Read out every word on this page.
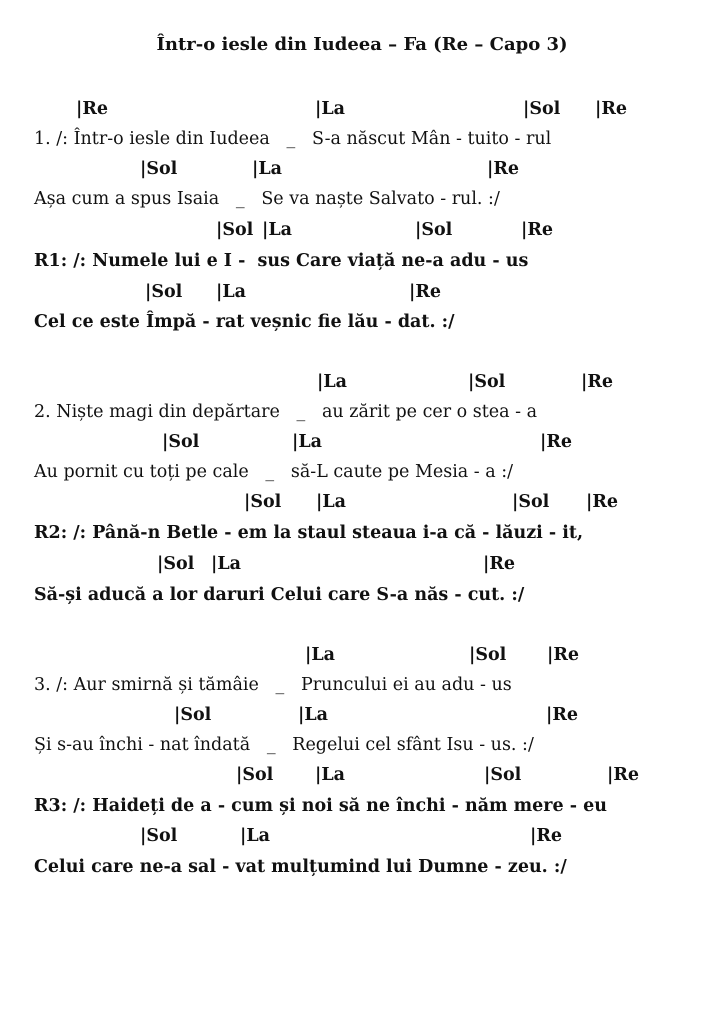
Într-o iesle din Iudeea – Fa (Re – Capo 3)
|Re	|La	|Sol |Re
1. /: Într-o iesle din Iudeea   _   S-a născut Mân - tuito - rul
|Sol	|La	|Re
Așa cum a spus Isaia   _   Se va naște Salvato - rul. :/
|Sol |La	|Sol	|Re
R1: /: Numele lui e I -  sus Care viață ne-a adu - us
|Sol |La	|Re
Cel ce este Împă - rat veșnic fie lău - dat. :/
|La	|Sol	|Re
2. Niște magi din depărtare   _   au zărit pe cer o stea - a
|Sol	|La	|Re
Au pornit cu toți pe cale   _   să-L caute pe Mesia - a :/
|Sol |La	|Sol |Re
R2: /: Până-n Betle - em la staul steaua i-a că - lăuzi - it,
|Sol |La	|Re
Să-și aducă a lor daruri Celui care S-a năs - cut. :/
|La	|Sol |Re
3. /: Aur smirnă și tămâie   _   Pruncului ei au adu - us
|Sol	|La	|Re
Și s-au închi - nat îndată   _   Regelui cel sfânt Isu - us. :/
|Sol |La	|Sol	|Re
R3: /: Haideți de a - cum și noi să ne închi - năm mere - eu
|Sol	|La	|Re
Celui care ne-a sal - vat mulțumind lui Dumne - zeu. :/
